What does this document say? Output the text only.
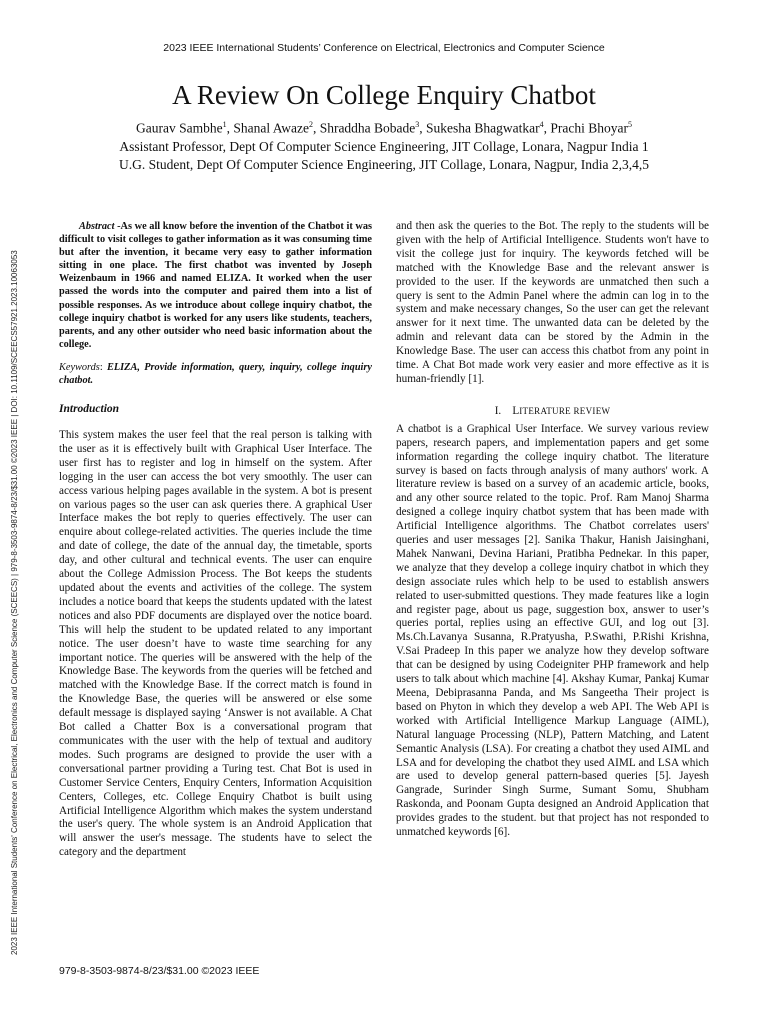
2023 IEEE International Students' Conference on Electrical, Electronics and Computer Science (SCEECS) | 979-8-3503-9874-8/23/$31.00 ©2023 IEEE | DOI: 10.1109/SCEECS57921.2023.10063053
2023 IEEE International Students’ Conference on Electrical, Electronics and Computer Science
A Review On College Enquiry Chatbot
Gaurav Sambhe$^1$, Shanal Awaze$^2$, Shraddha Bobade$^3$, Sukesha Bhagwatkar$^4$, Prachi Bhoyar$^5$
Assistant Professor, Dept Of Computer Science Engineering, JIT Collage, Lonara, Nagpur India 1
U.G. Student, Dept Of Computer Science Engineering, JIT Collage, Lonara, Nagpur, India 2,3,4,5

Abstract -As we all know before the invention of the Chatbot it was difficult to visit colleges to gather information as it was consuming time but after the invention, it became very easy to gather information sitting in one place. The first chatbot was invented by Joseph Weizenbaum in 1966 and named ELIZA. It worked when the user passed the words into the computer and paired them into a list of possible responses. As we introduce about college inquiry chatbot, the college inquiry chatbot is worked for any users like students, teachers, parents, and any other outsider who need basic information about the college.

Keywords: ELIZA, Provide information, query, inquiry, college inquiry chatbot.

Introduction

This system makes the user feel that the real person is talking with the user as it is effectively built with Graphical User Interface. The user first has to register and log in himself on the system. After logging in the user can access the bot very smoothly. The user can access various helping pages available in the system. A bot is present on various pages so the user can ask queries there. A graphical User Interface makes the bot reply to queries effectively. The user can enquire about college-related activities. The queries include the time and date of college, the date of the annual day, the timetable, sports day, and other cultural and technical events. The user can enquire about the College Admission Process. The Bot keeps the students updated about the events and activities of the college. The system includes a notice board that keeps the students updated with the latest notices and also PDF documents are displayed over the notice board. This will help the student to be updated related to any important notice. The user doesn’t have to waste time searching for any important notice. The queries will be answered with the help of the Knowledge Base. The keywords from the queries will be fetched and matched with the Knowledge Base. If the correct match is found in the Knowledge Base, the queries will be answered or else some default message is displayed saying ‘Answer is not available. A Chat Bot called a Chatter Box is a conversational program that communicates with the user with the help of textual and auditory modes. Such programs are designed to provide the user with a conversational partner providing a Turing test. Chat Bot is used in Customer Service Centers, Enquiry Centers, Information Acquisition Centers, Colleges, etc. College Enquiry Chatbot is built using Artificial Intelligence Algorithm which makes the system understand the user's query. The whole system is an Android Application that will answer the user's message. The students have to select the category and the department

and then ask the queries to the Bot. The reply to the students will be given with the help of Artificial Intelligence. Students won't have to visit the college just for inquiry. The keywords fetched will be matched with the Knowledge Base and the relevant answer is provided to the user. If the keywords are unmatched then such a query is sent to the Admin Panel where the admin can log in to the system and make necessary changes, So the user can get the relevant answer for it next time. The unwanted data can be deleted by the admin and relevant data can be stored by the Admin in the Knowledge Base. The user can access this chatbot from any point in time. A Chat Bot made work very easier and more effective as it is human-friendly [1].

I. LITERATURE REVIEW

A chatbot is a Graphical User Interface. We survey various review papers, research papers, and implementation papers and get some information regarding the college inquiry chatbot. The literature survey is based on facts through analysis of many authors' work. A literature review is based on a survey of an academic article, books, and any other source related to the topic. Prof. Ram Manoj Sharma designed a college inquiry chatbot system that has been made with Artificial Intelligence algorithms. The Chatbot correlates users' queries and user messages [2]. Sanika Thakur, Hanish Jaisinghani, Mahek Nanwani, Devina Hariani, Pratibha Pednekar. In this paper, we analyze that they develop a college inquiry chatbot in which they design associate rules which help to be used to establish answers related to user-submitted questions. They made features like a login and register page, about us page, suggestion box, answer to user’s queries portal, replies using an effective GUI, and log out [3]. Ms.Ch.Lavanya Susanna, R.Pratyusha, P.Swathi, P.Rishi Krishna, V.Sai Pradeep In this paper we analyze how they develop software that can be designed by using Codeigniter PHP framework and help users to talk about which machine [4]. Akshay Kumar, Pankaj Kumar Meena, Debiprasanna Panda, and Ms Sangeetha Their project is based on Phyton in which they develop a web API. The Web API is worked with Artificial Intelligence Markup Language (AIML), Natural language Processing (NLP), Pattern Matching, and Latent Semantic Analysis (LSA). For creating a chatbot they used AIML and LSA and for developing the chatbot they used AIML and LSA which are used to develop general pattern-based queries [5]. Jayesh Gangrade, Surinder Singh Surme, Sumant Somu, Shubham Raskonda, and Poonam Gupta designed an Android Application that provides grades to the student. but that project has not responded to unmatched keywords [6].

979-8-3503-9874-8/23/$31.00 ©2023 IEEE
